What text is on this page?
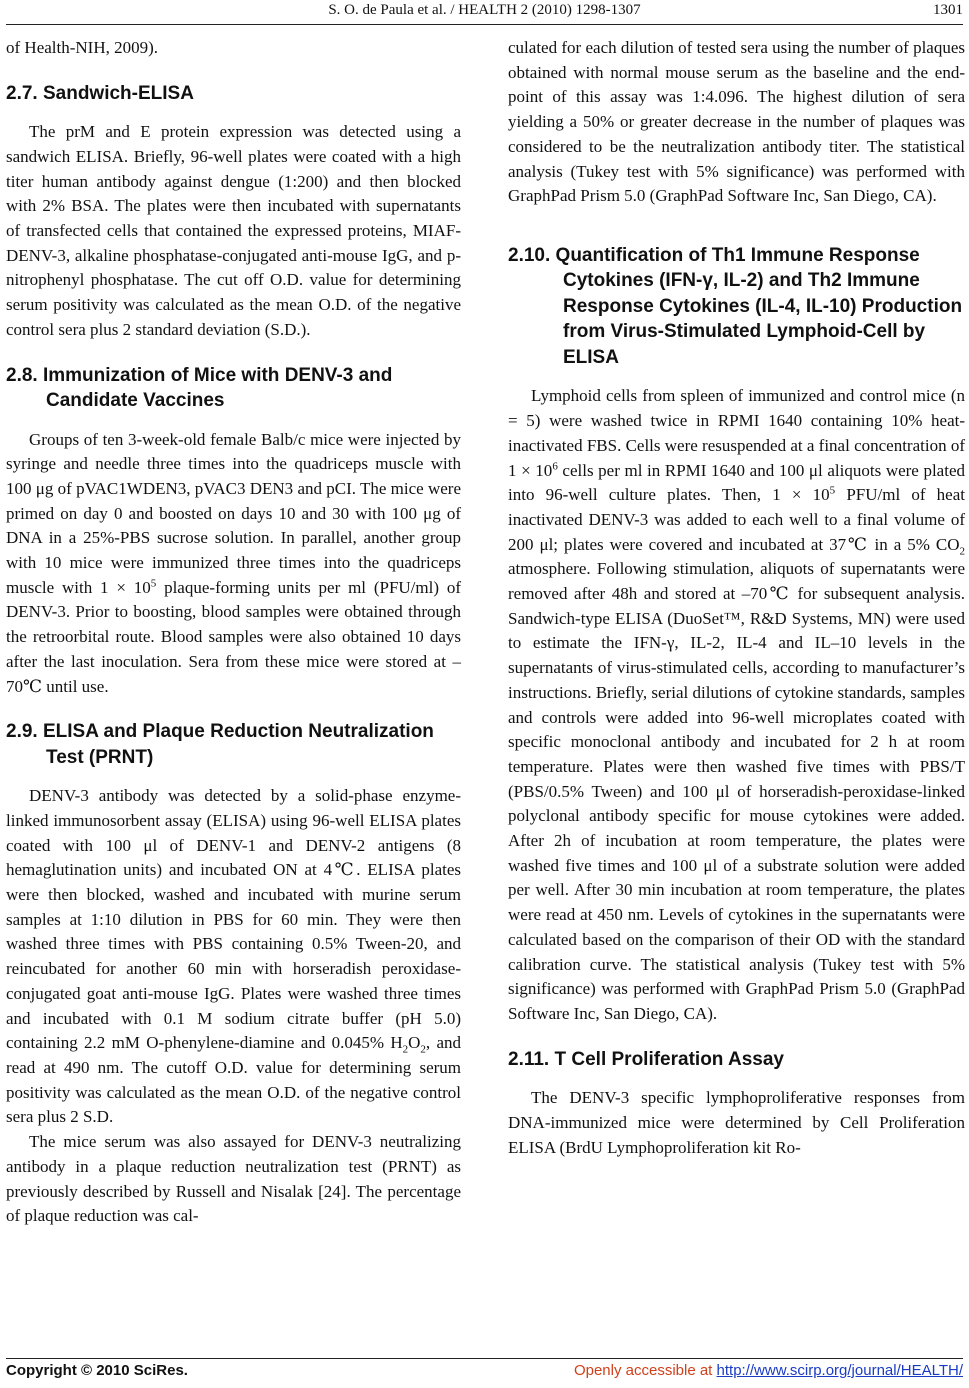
S. O. de Paula et al. / HEALTH 2 (2010) 1298-1307	1301

of Health-NIH, 2009).

2.7. Sandwich-ELISA

The prM and E protein expression was detected using a sandwich ELISA. Briefly, 96-well plates were coated with a high titer human antibody against dengue (1:200) and then blocked with 2% BSA. The plates were then incubated with supernatants of transfected cells that contained the expressed proteins, MIAF-DENV-3, alkaline phosphatase-conjugated anti-mouse IgG, and p-nitrophenyl phosphatase. The cut off O.D. value for determining serum positivity was calculated as the mean O.D. of the negative control sera plus 2 standard deviation (S.D.).

2.8. Immunization of Mice with DENV-3 and Candidate Vaccines

Groups of ten 3-week-old female Balb/c mice were injected by syringe and needle three times into the quadriceps muscle with 100 μg of pVAC1WDEN3, pVAC3 DEN3 and pCI. The mice were primed on day 0 and boosted on days 10 and 30 with 100 μg of DNA in a 25%-PBS sucrose solution. In parallel, another group with 10 mice were immunized three times into the quadriceps muscle with $1 \times 10^5$ plaque-forming units per ml (PFU/ml) of DENV-3. Prior to boosting, blood samples were obtained through the retroorbital route. Blood samples were also obtained 10 days after the last inoculation. Sera from these mice were stored at –70℃ until use.

2.9. ELISA and Plaque Reduction Neutralization Test (PRNT)

DENV-3 antibody was detected by a solid-phase enzyme-linked immunosorbent assay (ELISA) using 96-well ELISA plates coated with 100 μl of DENV-1 and DENV-2 antigens (8 hemaglutination units) and incubated ON at 4℃. ELISA plates were then blocked, washed and incubated with murine serum samples at 1:10 dilution in PBS for 60 min. They were then washed three times with PBS containing 0.5% Tween-20, and reincubated for another 60 min with horseradish peroxidase-conjugated goat anti-mouse IgG. Plates were washed three times and incubated with 0.1 M sodium citrate buffer (pH 5.0) containing 2.2 mM O-phenylene-diamine and 0.045% $H_2O_2$, and read at 490 nm. The cutoff O.D. value for determining serum positivity was calculated as the mean O.D. of the negative control sera plus 2 S.D.

The mice serum was also assayed for DENV-3 neutralizing antibody in a plaque reduction neutralization test (PRNT) as previously described by Russell and Nisalak [24]. The percentage of plaque reduction was cal-

culated for each dilution of tested sera using the number of plaques obtained with normal mouse serum as the baseline and the end-point of this assay was 1:4.096. The highest dilution of sera yielding a 50% or greater decrease in the number of plaques was considered to be the neutralization antibody titer. The statistical analysis (Tukey test with 5% significance) was performed with GraphPad Prism 5.0 (GraphPad Software Inc, San Diego, CA).

2.10. Quantification of Th1 Immune Response Cytokines (IFN-γ, IL-2) and Th2 Immune Response Cytokines (IL-4, IL-10) Production from Virus-Stimulated Lymphoid-Cell by ELISA

Lymphoid cells from spleen of immunized and control mice (n = 5) were washed twice in RPMI 1640 containing 10% heat-inactivated FBS. Cells were resuspended at a final concentration of $1 \times 10^6$ cells per ml in RPMI 1640 and 100 μl aliquots were plated into 96-well culture plates. Then, $1 \times 10^5$ PFU/ml of heat inactivated DENV-3 was added to each well to a final volume of 200 μl; plates were covered and incubated at 37℃ in a 5% $CO_2$ atmosphere. Following stimulation, aliquots of supernatants were removed after 48h and stored at –70℃ for subsequent analysis. Sandwich-type ELISA (DuoSet™, R&D Systems, MN) were used to estimate the IFN-γ, IL-2, IL-4 and IL–10 levels in the supernatants of virus-stimulated cells, according to manufacturer’s instructions. Briefly, serial dilutions of cytokine standards, samples and controls were added into 96-well microplates coated with specific monoclonal antibody and incubated for 2 h at room temperature. Plates were then washed five times with PBS/T (PBS/0.5% Tween) and 100 μl of horseradish-peroxidase-linked polyclonal antibody specific for mouse cytokines were added. After 2h of incubation at room temperature, the plates were washed five times and 100 μl of a substrate solution were added per well. After 30 min incubation at room temperature, the plates were read at 450 nm. Levels of cytokines in the supernatants were calculated based on the comparison of their OD with the standard calibration curve. The statistical analysis (Tukey test with 5% significance) was performed with GraphPad Prism 5.0 (GraphPad Software Inc, San Diego, CA).

2.11. T Cell Proliferation Assay

The DENV-3 specific lymphoproliferative responses from DNA-immunized mice were determined by Cell Proliferation ELISA (BrdU Lymphoproliferation kit Ro-

Copyright © 2010 SciRes.	Openly accessible at http://www.scirp.org/journal/HEALTH/
